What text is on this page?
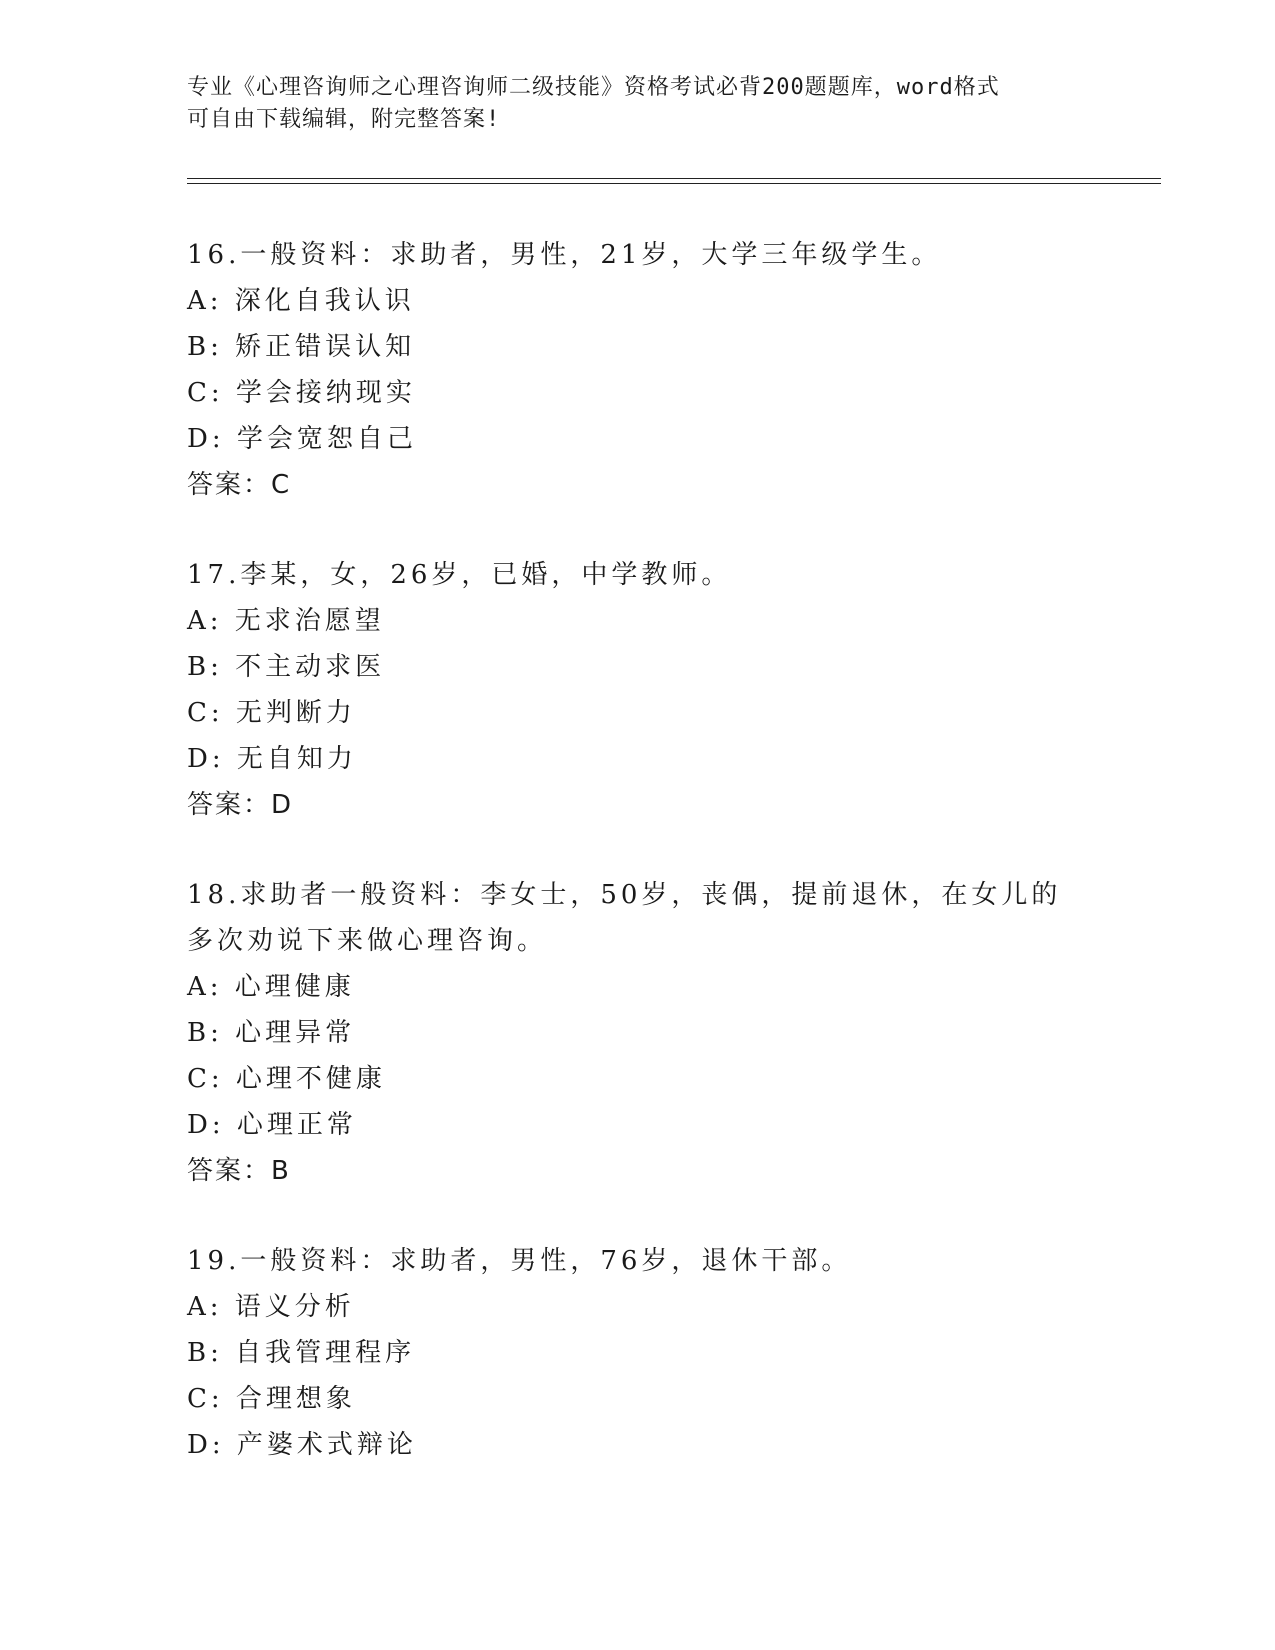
专业《心理咨询师之心理咨询师二级技能》资格考试必背200题题库，word格式
可自由下载编辑，附完整答案!
16.一般资料：求助者，男性，21岁，大学三年级学生。
A: 深化自我认识
B: 矫正错误认知
C: 学会接纳现实
D: 学会宽恕自己
答案：C
17.李某，女，26岁，已婚，中学教师。
A: 无求治愿望
B: 不主动求医
C: 无判断力
D: 无自知力
答案：D
18.求助者一般资料：李女士，50岁，丧偶，提前退休，在女儿的多次劝说下来做心理咨询。
A: 心理健康
B: 心理异常
C: 心理不健康
D: 心理正常
答案：B
19.一般资料：求助者，男性，76岁，退休干部。
A: 语义分析
B: 自我管理程序
C: 合理想象
D: 产婆术式辩论
